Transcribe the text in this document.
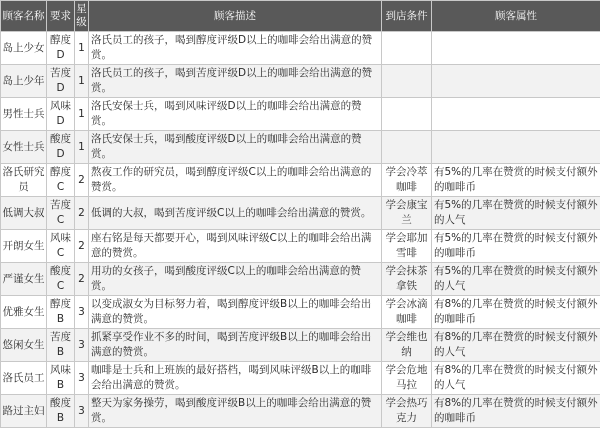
顾客名称	要求	星级	顾客描述	到店条件	顾客属性
岛上少女	醇度D	1	洛氏员工的孩子，喝到醇度评级D以上的咖啡会给出满意的赞赏。		
岛上少年	苦度D	1	洛氏员工的孩子，喝到苦度评级D以上的咖啡会给出满意的赞赏。		
男性士兵	风味D	1	洛氏安保士兵，喝到风味评级D以上的咖啡会给出满意的赞赏。		
女性士兵	酸度D	1	洛氏安保士兵，喝到酸度评级D以上的咖啡会给出满意的赞赏。		
洛氏研究员	醇度C	2	熬夜工作的研究员，喝到醇度评级C以上的咖啡会给出满意的赞赏。	学会冷萃咖啡	有5%的几率在赞赏的时候支付额外的咖啡币
低调大叔	苦度C	2	低调的大叔，喝到苦度评级C以上的咖啡会给出满意的赞赏。	学会康宝兰	有5%的几率在赞赏的时候支付额外的人气
开朗女生	风味C	2	座右铭是每天都要开心，喝到风味评级C以上的咖啡会给出满意的赞赏。	学会耶加雪啡	有5%的几率在赞赏的时候支付额外的咖啡币
严谨女生	酸度C	2	用功的女孩子，喝到酸度评级C以上的咖啡会给出满意的赞赏。	学会抹茶拿铁	有5%的几率在赞赏的时候支付额外的人气
优雅女生	醇度B	3	以变成淑女为目标努力着，喝到醇度评级B以上的咖啡会给出满意的赞赏。	学会冰滴咖啡	有8%的几率在赞赏的时候支付额外的咖啡币
悠闲女生	苦度B	3	抓紧享受作业不多的时间，喝到苦度评级B以上的咖啡会给出满意的赞赏。	学会维也纳	有8%的几率在赞赏的时候支付额外的人气
洛氏员工	风味B	3	咖啡是士兵和上班族的最好搭档，喝到风味评级B以上的咖啡会给出满意的赞赏。	学会危地马拉	有8%的几率在赞赏的时候支付额外的人气
路过主妇	酸度B	3	整天为家务操劳，喝到酸度评级B以上的咖啡会给出满意的赞赏。	学会热巧克力	有8%的几率在赞赏的时候支付额外的咖啡币
